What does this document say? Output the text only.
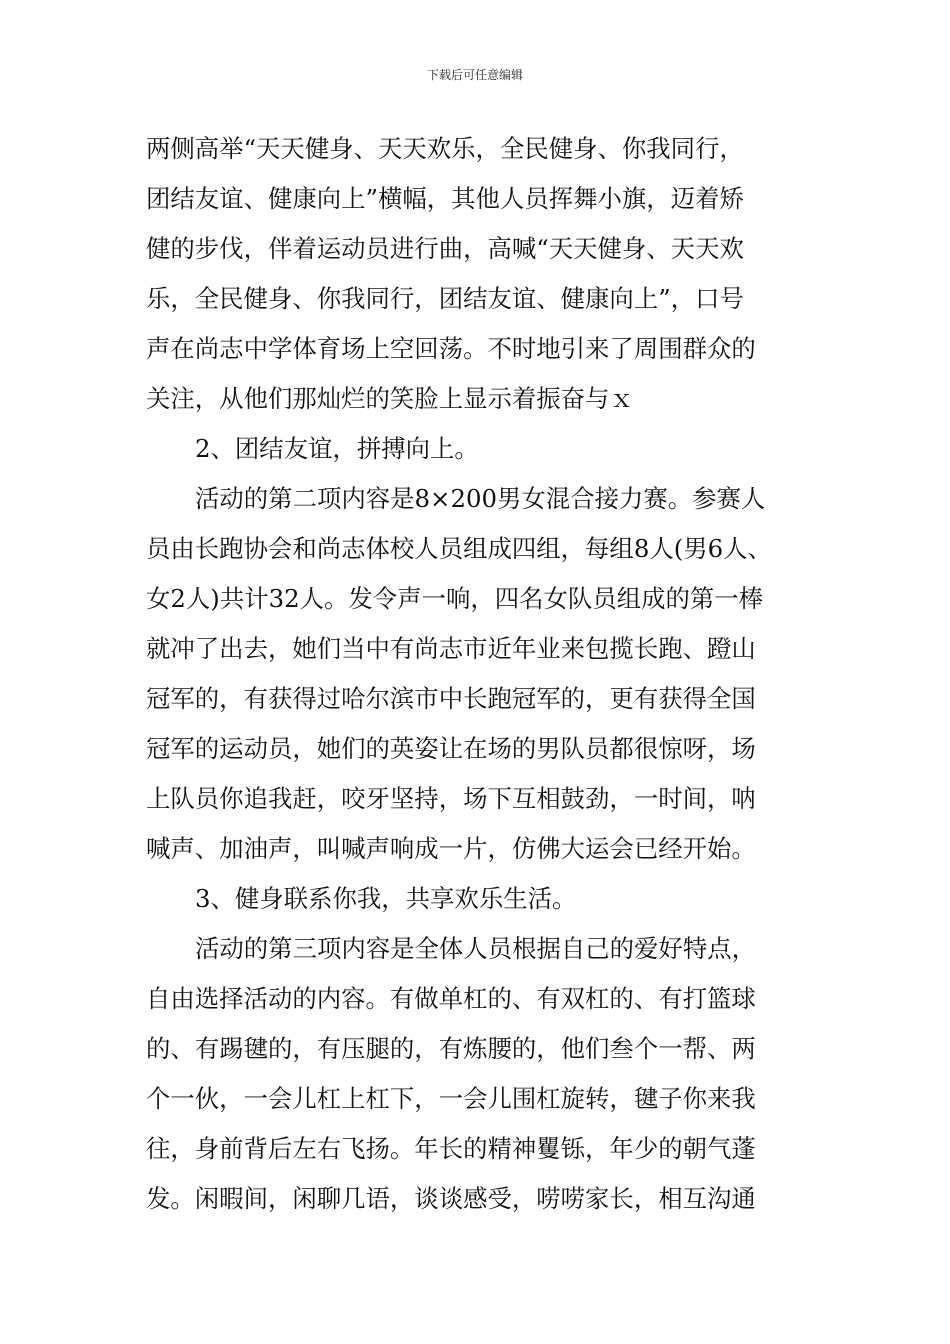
下载后可任意编辑
两侧高举“天天健身、天天欢乐，全民健身、你我同行，
团结友谊、健康向上”横幅，其他人员挥舞小旗，迈着矫
健的步伐，伴着运动员进行曲，高喊“天天健身、天天欢
乐，全民健身、你我同行，团结友谊、健康向上”，口号
声在尚志中学体育场上空回荡。不时地引来了周围群众的
关注，从他们那灿烂的笑脸上显示着振奋与ｘ
2、团结友谊，拼搏向上。
活动的第二项内容是8×200男女混合接力赛。参赛人
员由长跑协会和尚志体校人员组成四组，每组8人(男6人、
女2人)共计32人。发令声一响，四名女队员组成的第一棒
就冲了出去，她们当中有尚志市近年业来包揽长跑、蹬山
冠军的，有获得过哈尔滨市中长跑冠军的，更有获得全国
冠军的运动员，她们的英姿让在场的男队员都很惊呀，场
上队员你追我赶，咬牙坚持，场下互相鼓劲，一时间，呐
喊声、加油声，叫喊声响成一片，仿佛大运会已经开始。
3、健身联系你我，共享欢乐生活。
活动的第三项内容是全体人员根据自己的爱好特点，
自由选择活动的内容。有做单杠的、有双杠的、有打篮球
的、有踢毽的，有压腿的，有炼腰的，他们叁个一帮、两
个一伙，一会儿杠上杠下，一会儿围杠旋转，毽子你来我
往，身前背后左右飞扬。年长的精神矍铄，年少的朝气蓬
发。闲暇间，闲聊几语，谈谈感受，唠唠家长，相互沟通
